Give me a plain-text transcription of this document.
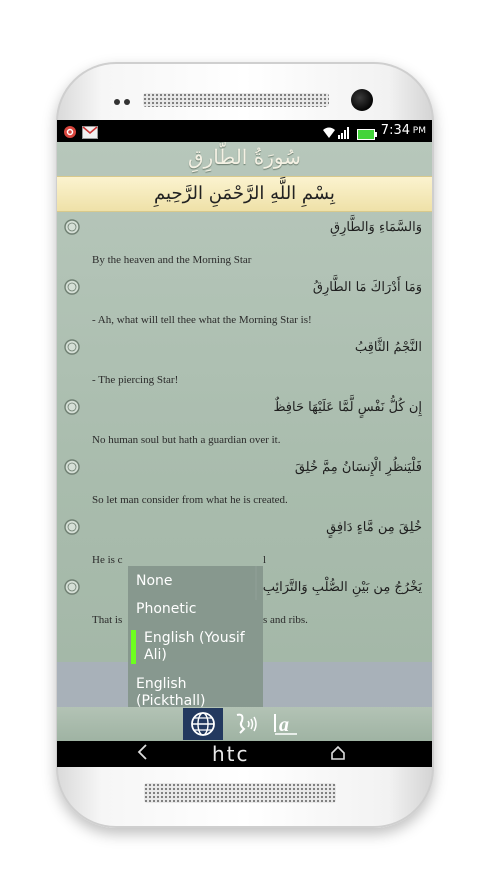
7:34 PM
سُورَةُ الطَّارِقِ
بِسْمِ اللَّهِ الرَّحْمَنِ الرَّحِيمِ
وَالسَّمَاءِ وَالطَّارِقِ
By the heaven and the Morning Star
وَمَا أَدْرَاكَ مَا الطَّارِقُ
- Ah, what will tell thee what the Morning Star is!
النَّجْمُ الثَّاقِبُ
- The piercing Star!
إِن كُلُّ نَفْسٍ لَّمَّا عَلَيْهَا حَافِظٌ
No human soul but hath a guardian over it.
فَلْيَنظُرِ الْإِنسَانُ مِمَّ خُلِقَ
So let man consider from what he is created.
خُلِقَ مِن مَّاءٍ دَافِقٍ
He is c	l
يَخْرُجُ مِن بَيْنِ الصُّلْبِ وَالتَّرَائِبِ
That is	s and ribs.
None
Phonetic
English (Yousif Ali)
English (Pickthall)
a
htc
